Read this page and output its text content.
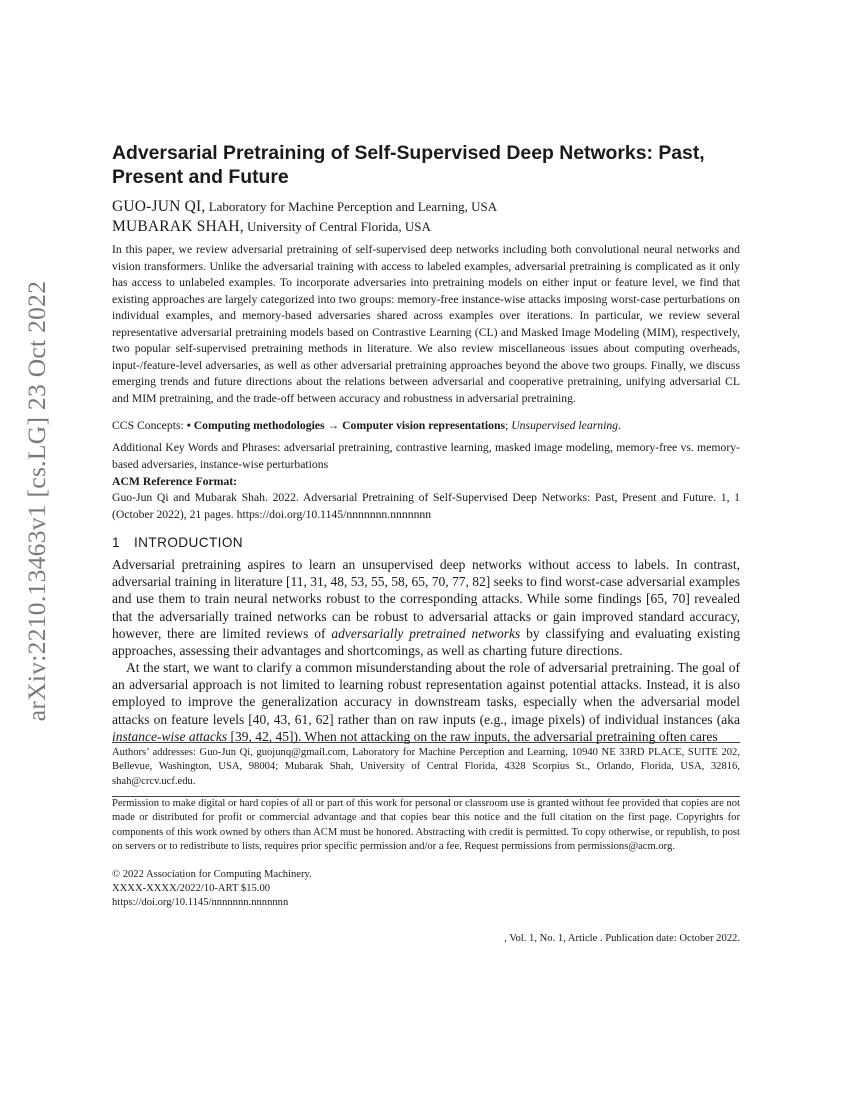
arXiv:2210.13463v1 [cs.LG] 23 Oct 2022
Adversarial Pretraining of Self-Supervised Deep Networks: Past, Present and Future
GUO-JUN QI, Laboratory for Machine Perception and Learning, USA
MUBARAK SHAH, University of Central Florida, USA

In this paper, we review adversarial pretraining of self-supervised deep networks including both convolutional neural networks and vision transformers. Unlike the adversarial training with access to labeled examples, adversarial pretraining is complicated as it only has access to unlabeled examples. To incorporate adversaries into pretraining models on either input or feature level, we find that existing approaches are largely categorized into two groups: memory-free instance-wise attacks imposing worst-case perturbations on individual examples, and memory-based adversaries shared across examples over iterations. In particular, we review several representative adversarial pretraining models based on Contrastive Learning (CL) and Masked Image Modeling (MIM), respectively, two popular self-supervised pretraining methods in literature. We also review miscellaneous issues about computing overheads, input-/feature-level adversaries, as well as other adversarial pretraining approaches beyond the above two groups. Finally, we discuss emerging trends and future directions about the relations between adversarial and cooperative pretraining, unifying adversarial CL and MIM pretraining, and the trade-off between accuracy and robustness in adversarial pretraining.

CCS Concepts: • Computing methodologies → Computer vision representations; Unsupervised learning.

Additional Key Words and Phrases: adversarial pretraining, contrastive learning, masked image modeling, memory-free vs. memory-based adversaries, instance-wise perturbations

ACM Reference Format:

Guo-Jun Qi and Mubarak Shah. 2022. Adversarial Pretraining of Self-Supervised Deep Networks: Past, Present and Future. 1, 1 (October 2022), 21 pages. https://doi.org/10.1145/nnnnnnn.nnnnnnn

1 INTRODUCTION

Adversarial pretraining aspires to learn an unsupervised deep networks without access to labels. In contrast, adversarial training in literature [11, 31, 48, 53, 55, 58, 65, 70, 77, 82] seeks to find worst-case adversarial examples and use them to train neural networks robust to the corresponding attacks. While some findings [65, 70] revealed that the adversarially trained networks can be robust to adversarial attacks or gain improved standard accuracy, however, there are limited reviews of adversarially pretrained networks by classifying and evaluating existing approaches, assessing their advantages and shortcomings, as well as charting future directions.

At the start, we want to clarify a common misunderstanding about the role of adversarial pretraining. The goal of an adversarial approach is not limited to learning robust representation against potential attacks. Instead, it is also employed to improve the generalization accuracy in downstream tasks, especially when the adversarial model attacks on feature levels [40, 43, 61, 62] rather than on raw inputs (e.g., image pixels) of individual instances (aka instance-wise attacks [39, 42, 45]). When not attacking on the raw inputs, the adversarial pretraining often cares

Authors’ addresses: Guo-Jun Qi, guojunq@gmail.com, Laboratory for Machine Perception and Learning, 10940 NE 33RD PLACE, SUITE 202, Bellevue, Washington, USA, 98004; Mubarak Shah, University of Central Florida, 4328 Scorpius St., Orlando, Florida, USA, 32816, shah@crcv.ucf.edu.

Permission to make digital or hard copies of all or part of this work for personal or classroom use is granted without fee provided that copies are not made or distributed for profit or commercial advantage and that copies bear this notice and the full citation on the first page. Copyrights for components of this work owned by others than ACM must be honored. Abstracting with credit is permitted. To copy otherwise, or republish, to post on servers or to redistribute to lists, requires prior specific permission and/or a fee. Request permissions from permissions@acm.org.

© 2022 Association for Computing Machinery.
XXXX-XXXX/2022/10-ART $15.00
https://doi.org/10.1145/nnnnnnn.nnnnnnn
, Vol. 1, No. 1, Article . Publication date: October 2022.
